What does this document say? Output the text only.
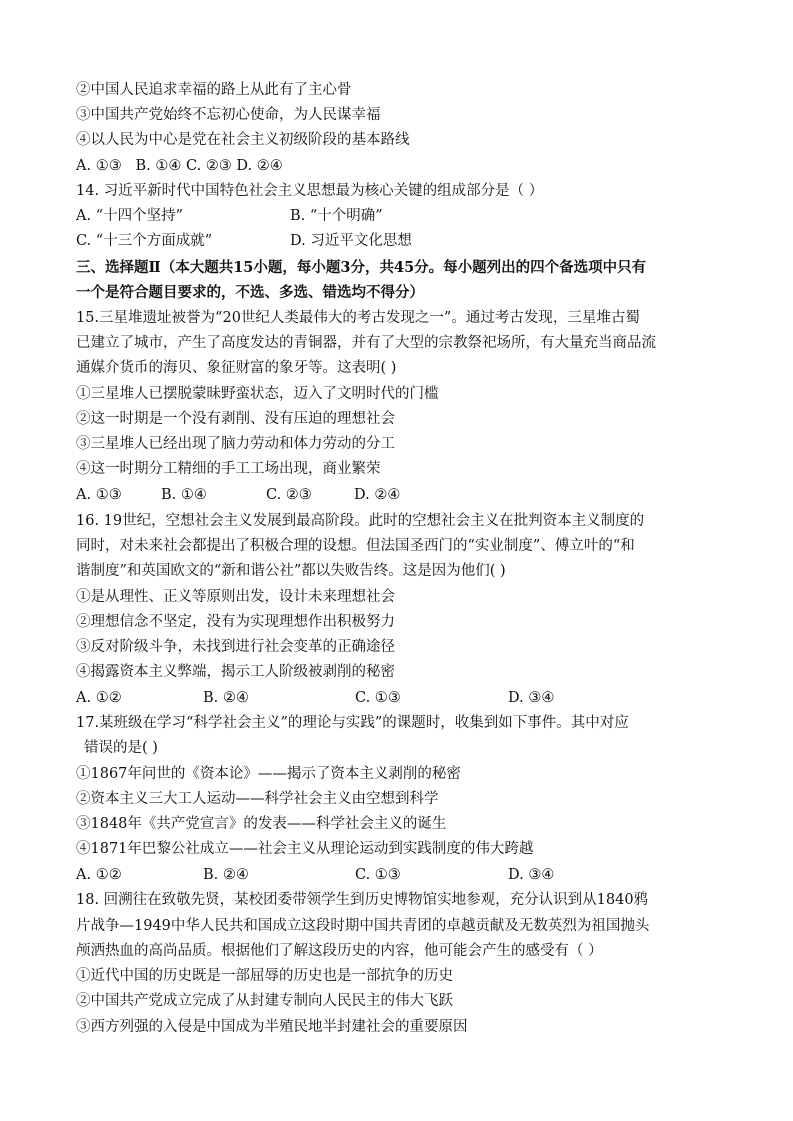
②中国人民追求幸福的路上从此有了主心骨
③中国共产党始终不忘初心使命，为人民谋幸福
④以人民为中心是党在社会主义初级阶段的基本路线
A. ①③   B. ①④ C. ②③ D. ②④
14. 习近平新时代中国特色社会主义思想最为核心关键的组成部分是（ ）
A. “十四个坚持”	B. “十个明确”
C. “十三个方面成就”	D. 习近平文化思想
三、选择题Ⅱ（本大题共15小题，每小题3分，共45分。每小题列出的四个备选项中只有
一个是符合题目要求的，不选、多选、错选均不得分）
15.三星堆遗址被誉为“20世纪人类最伟大的考古发现之一”。通过考古发现，三星堆古蜀
已建立了城市，产生了高度发达的青铜器，并有了大型的宗教祭祀场所，有大量充当商品流
通媒介货币的海贝、象征财富的象牙等。这表明( )
①三星堆人已摆脱蒙昧野蛮状态，迈入了文明时代的门槛
②这一时期是一个没有剥削、没有压迫的理想社会
③三星堆人已经出现了脑力劳动和体力劳动的分工
④这一时期分工精细的手工工场出现，商业繁荣
A. ①③	B. ①④	C. ②③	D. ②④
16. 19世纪，空想社会主义发展到最高阶段。此时的空想社会主义在批判资本主义制度的
同时，对未来社会都提出了积极合理的设想。但法国圣西门的“实业制度”、傅立叶的“和
谐制度”和英国欧文的“新和谐公社”都以失败告终。这是因为他们( )
①是从理性、正义等原则出发，设计未来理想社会
②理想信念不坚定，没有为实现理想作出积极努力
③反对阶级斗争，未找到进行社会变革的正确途径
④揭露资本主义弊端，揭示工人阶级被剥削的秘密
A. ①②	B. ②④	C. ①③	D. ③④
17.某班级在学习“科学社会主义”的理论与实践”的课题时，收集到如下事件。其中对应
错误的是( )
①1867年问世的《资本论》——揭示了资本主义剥削的秘密
②资本主义三大工人运动——科学社会主义由空想到科学
③1848年《共产党宣言》的发表——科学社会主义的诞生
④1871年巴黎公社成立——社会主义从理论运动到实践制度的伟大跨越
A. ①②	B. ②④	C. ①③	D. ③④
18. 回溯往在致敬先贤，某校团委带领学生到历史博物馆实地参观，充分认识到从1840鸦
片战争—1949中华人民共和国成立这段时期中国共青团的卓越贡献及无数英烈为祖国抛头
颅洒热血的高尚品质。根据他们了解这段历史的内容，他可能会产生的感受有（ ）
①近代中国的历史既是一部屈辱的历史也是一部抗争的历史
②中国共产党成立完成了从封建专制向人民民主的伟大飞跃
③西方列强的入侵是中国成为半殖民地半封建社会的重要原因
